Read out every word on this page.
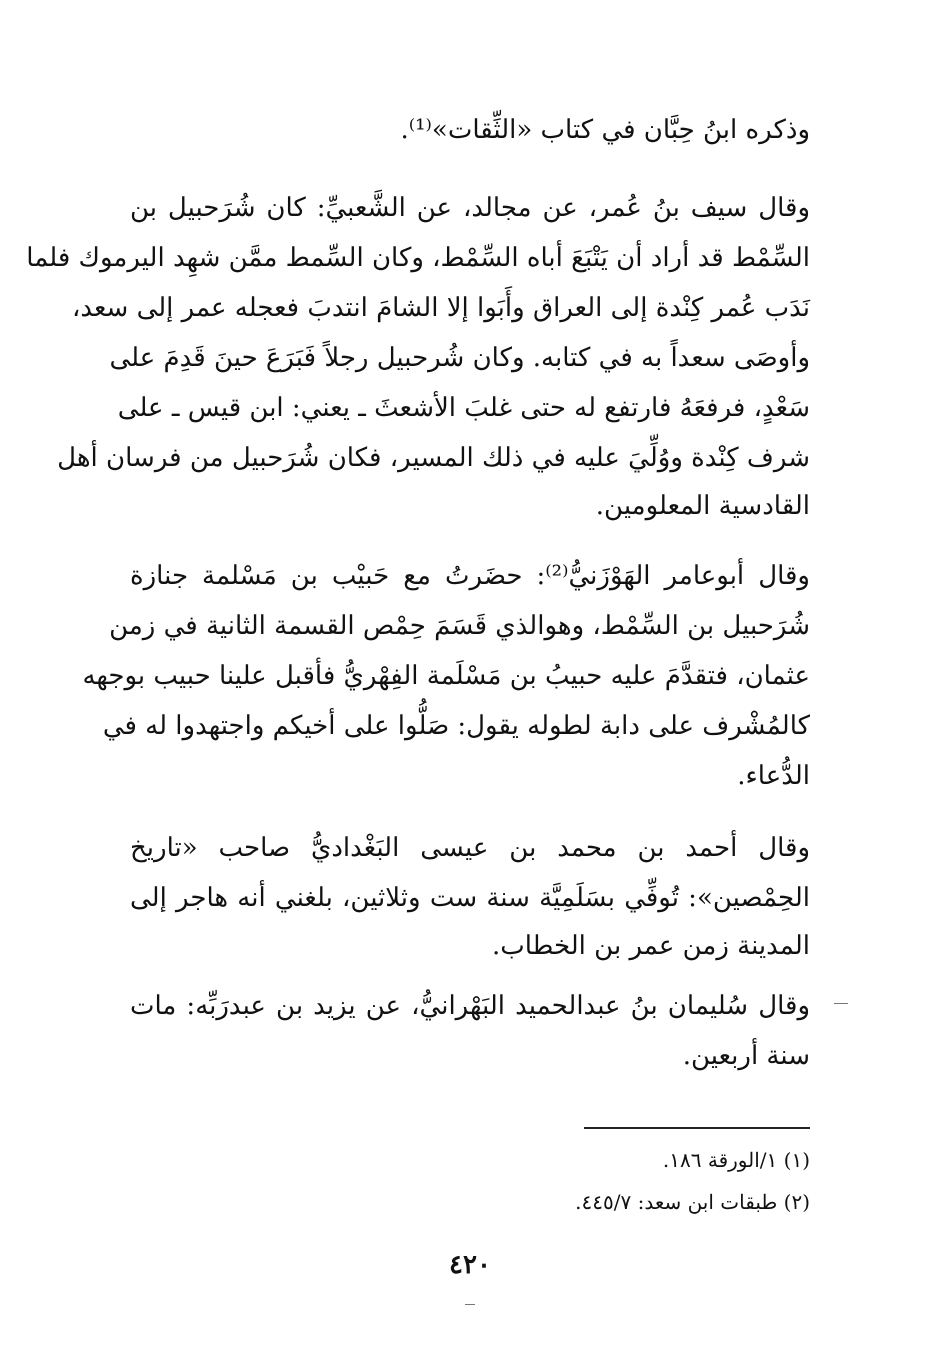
وذكره ابنُ حِبَّان في كتاب «الثِّقات»⁽¹⁾.
وقال سيف بنُ عُمر، عن مجالد، عن الشَّعبيِّ: كان شُرَحبيل بن
السِّمْط قد أراد أن يَتْبَعَ أباه السِّمْط، وكان السِّمط ممَّن شهِد اليرموك فلما
نَدَب عُمر كِنْدة إلى العراق وأَبَوا إلا الشامَ انتدبَ فعجله عمر إلى سعد،
وأوصَى سعداً به في كتابه. وكان شُرحبيل رجلاً فَبَرَعَ حينَ قَدِمَ على
سَعْدٍ، فرفعَهُ فارتفع له حتى غلبَ الأشعثَ ـ يعني: ابن قيس ـ على
شرف كِنْدة ووُلِّيَ عليه في ذلك المسير، فكان شُرَحبيل من فرسان أهل
القادسية المعلومين.
وقال أبوعامر الهَوْزَنيُّ⁽²⁾: حضَرتُ مع حَبيْب بن مَسْلمة جنازة
شُرَحبيل بن السِّمْط، وهوالذي قَسَمَ حِمْص القسمة الثانية في زمن
عثمان، فتقدَّمَ عليه حبيبُ بن مَسْلَمة الفِهْريُّ فأقبل علينا حبيب بوجهه
كالمُشْرف على دابة لطوله يقول: صَلُّوا على أخيكم واجتهدوا له في
الدُّعاء.
وقال أحمد بن محمد بن عيسى البَغْداديُّ صاحب «تاريخ
الحِمْصين»: تُوفِّي بسَلَمِيَّة سنة ست وثلاثين، بلغني أنه هاجر إلى
المدينة زمن عمر بن الخطاب.
وقال سُليمان بنُ عبدالحميد البَهْرانيُّ، عن يزيد بن عبدرَبِّه: مات
سنة أربعين.
(١) ١/الورقة ١٨٦.
(٢) طبقات ابن سعد: ٤٤٥/٧.
٤٢٠
